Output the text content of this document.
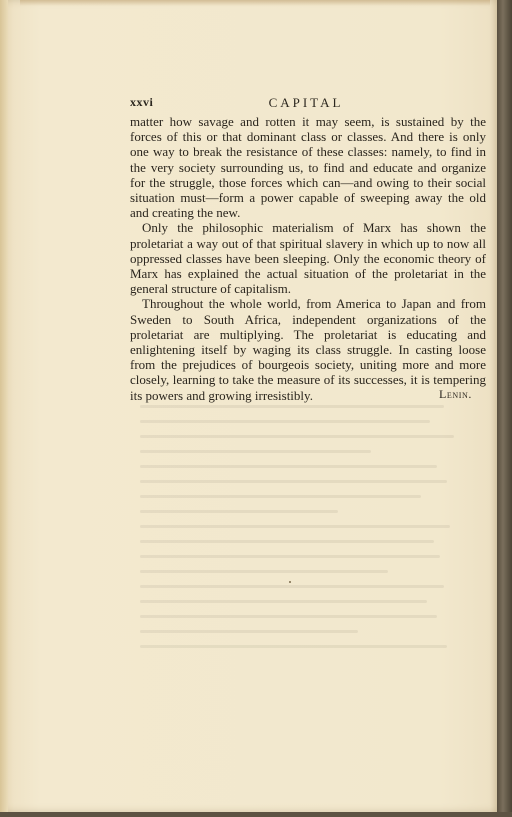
xxvi	CAPITAL

matter how savage and rotten it may seem, is sustained by the forces of this or that dominant class or classes. And there is only one way to break the resistance of these classes: namely, to find in the very society surrounding us, to find and educate and organize for the struggle, those forces which can—and owing to their social situation must—form a power capable of sweeping away the old and creating the new.

Only the philosophic materialism of Marx has shown the proletariat a way out of that spiritual slavery in which up to now all oppressed classes have been sleeping. Only the economic theory of Marx has explained the actual situation of the proletariat in the general structure of capitalism.

Throughout the whole world, from America to Japan and from Sweden to South Africa, independent organizations of the proletariat are multiplying. The proletariat is educating and enlightening itself by waging its class struggle. In casting loose from the prejudices of bourgeois society, uniting more and more closely, learning to take the measure of its successes, it is tempering its powers and growing irresistibly.	Lenin.
